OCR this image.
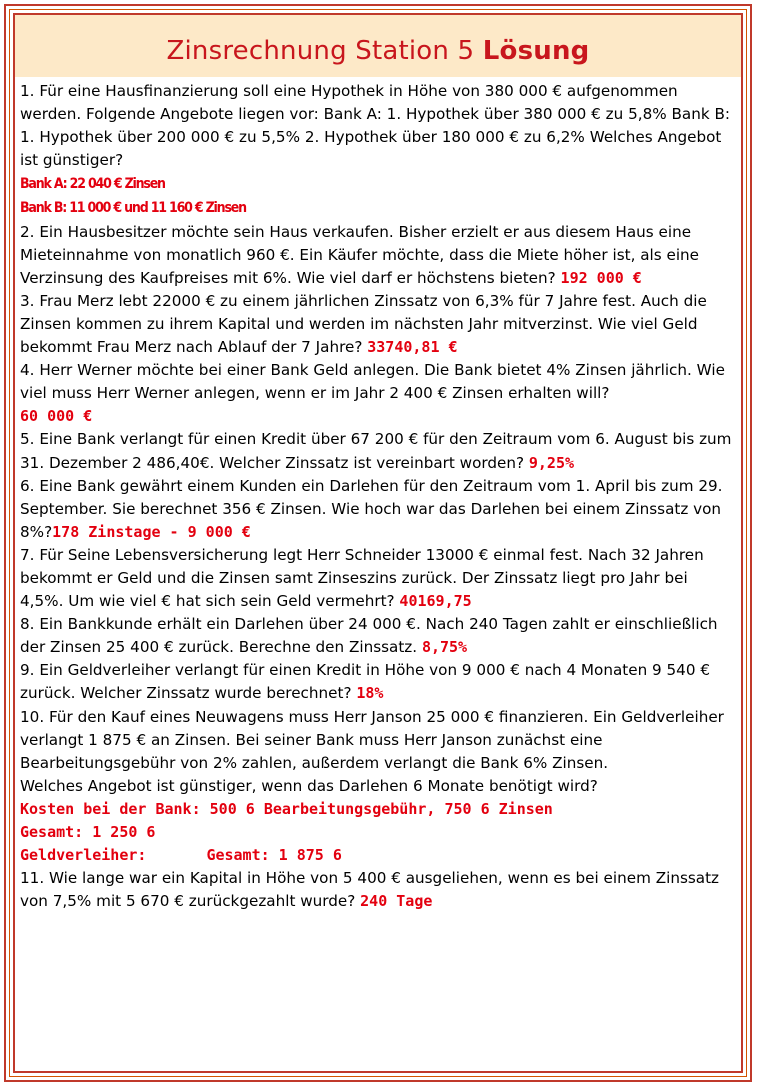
Zinsrechnung Station 5 Lösung

1. Für eine Hausfinanzierung soll eine Hypothek in Höhe von 380 000 € aufgenommen werden. Folgende Angebote liegen vor: Bank A: 1. Hypothek über 380 000 € zu 5,8% Bank B: 1. Hypothek über 200 000 € zu 5,5% 2. Hypothek über 180 000 € zu 6,2% Welches Angebot ist günstiger?

Bank A: 22 040 € Zinsen

Bank B: 11 000 € und 11 160 € Zinsen

2. Ein Hausbesitzer möchte sein Haus verkaufen. Bisher erzielt er aus diesem Haus eine Mieteinnahme von monatlich 960 €. Ein Käufer möchte, dass die Miete höher ist, als eine Verzinsung des Kaufpreises mit 6%. Wie viel darf er höchstens bieten? 192 000 €

3. Frau Merz lebt 22000 € zu einem jährlichen Zinssatz von 6,3% für 7 Jahre fest. Auch die Zinsen kommen zu ihrem Kapital und werden im nächsten Jahr mitverzinst. Wie viel Geld bekommt Frau Merz nach Ablauf der 7 Jahre? 33740,81 €

4. Herr Werner möchte bei einer Bank Geld anlegen. Die Bank bietet 4% Zinsen jährlich. Wie viel muss Herr Werner anlegen, wenn er im Jahr 2 400 € Zinsen erhalten will?

60 000 €

5. Eine Bank verlangt für einen Kredit über 67 200 € für den Zeitraum vom 6. August bis zum 31. Dezember 2 486,40€. Welcher Zinssatz ist vereinbart worden? 9,25%

6. Eine Bank gewährt einem Kunden ein Darlehen für den Zeitraum vom 1. April bis zum 29. September. Sie berechnet 356 € Zinsen. Wie hoch war das Darlehen bei einem Zinssatz von 8%?178 Zinstage - 9 000 €

7. Für Seine Lebensversicherung legt Herr Schneider 13000 € einmal fest. Nach 32 Jahren bekommt er Geld und die Zinsen samt Zinseszins zurück. Der Zinssatz liegt pro Jahr bei 4,5%. Um wie viel € hat sich sein Geld vermehrt? 40169,75

8. Ein Bankkunde erhält ein Darlehen über 24 000 €. Nach 240 Tagen zahlt er einschließlich der Zinsen 25 400 € zurück. Berechne den Zinssatz. 8,75%

9. Ein Geldverleiher verlangt für einen Kredit in Höhe von 9 000 € nach 4 Monaten 9 540 € zurück. Welcher Zinssatz wurde berechnet? 18%

10. Für den Kauf eines Neuwagens muss Herr Janson 25 000 € finanzieren. Ein Geldverleiher verlangt 1 875 € an Zinsen. Bei seiner Bank muss Herr Janson zunächst eine Bearbeitungsgebühr von 2% zahlen, außerdem verlangt die Bank 6% Zinsen.

Welches Angebot ist günstiger, wenn das Darlehen 6 Monate benötigt wird?

Kosten bei der Bank: 500 6 Bearbeitungsgebühr, 750 6 Zinsen

Gesamt: 1 250 6

Geldverleiher:	Gesamt: 1 875 6

11. Wie lange war ein Kapital in Höhe von 5 400 € ausgeliehen, wenn es bei einem Zinssatz von 7,5% mit 5 670 € zurückgezahlt wurde? 240 Tage
